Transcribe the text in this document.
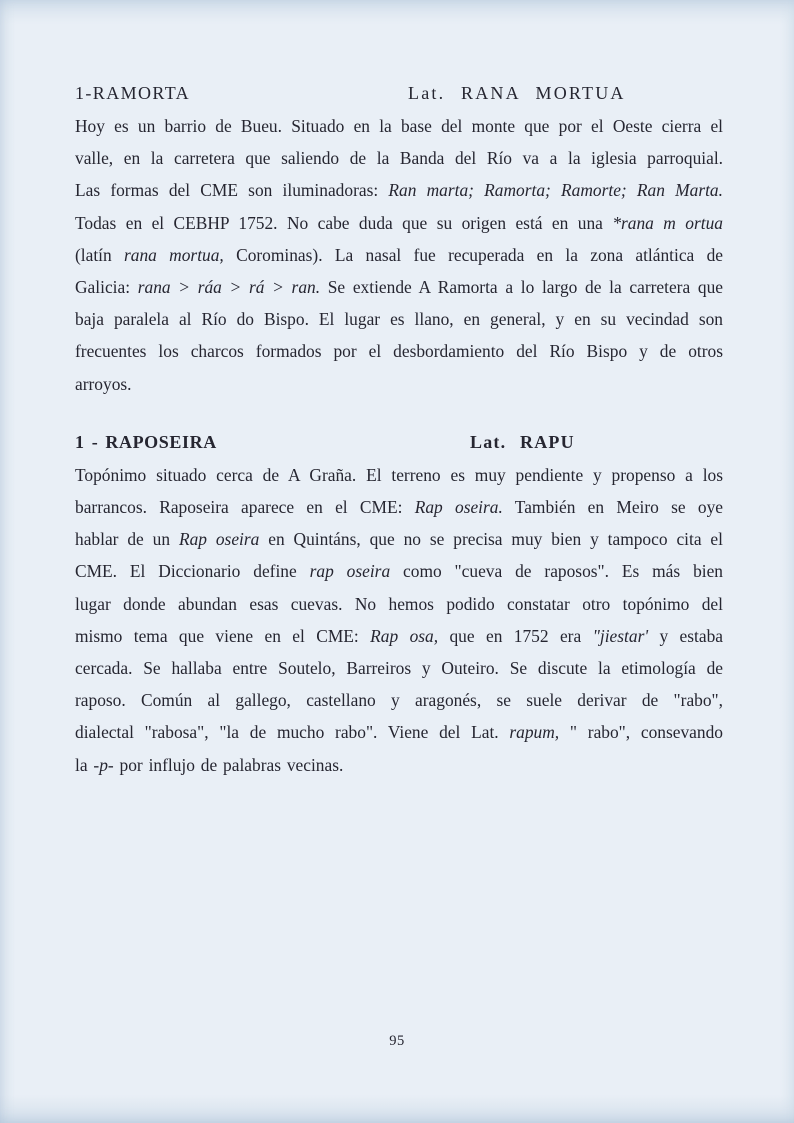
1-RAMORTA	Lat. RANA MORTUA
Hoy es un barrio de Bueu. Situado en la base del monte que por el Oeste cierra el
valle, en la carretera que saliendo de la Banda del Río va a la iglesia parroquial.
Las formas del CME son iluminadoras: Ran marta; Ramorta; Ramorte; Ran Marta.
Todas en el CEBHP 1752. No cabe duda que su origen está en una *rana m ortua
(latín rana mortua, Corominas). La nasal fue recuperada en la zona atlántica de
Galicia: rana > ráa > rá > ran. Se extiende A Ramorta a lo largo de la carretera que
baja paralela al Río do Bispo. El lugar es llano, en general, y en su vecindad son
frecuentes los charcos formados por el desbordamiento del Río Bispo y de otros
arroyos.
1 - RAPOSEIRA	Lat. RAPU
Topónimo situado cerca de A Graña. El terreno es muy pendiente y propenso a los
barrancos. Raposeira aparece en el CME: Rap oseira. También en Meiro se oye
hablar de un Rap oseira en Quintáns, que no se precisa muy bien y tampoco cita el
CME. El Diccionario define rap oseira como "cueva de raposos". Es más bien
lugar donde abundan esas cuevas. No hemos podido constatar otro topónimo del
mismo tema que viene en el CME: Rap osa, que en 1752 era "jiestar' y estaba
cercada. Se hallaba entre Soutelo, Barreiros y Outeiro. Se discute la etimología de
raposo. Común al gallego, castellano y aragonés, se suele derivar de "rabo",
dialectal "rabosa", "la de mucho rabo". Viene del Lat. rapum, " rabo", consevando
la -p- por influjo de palabras vecinas.
95
